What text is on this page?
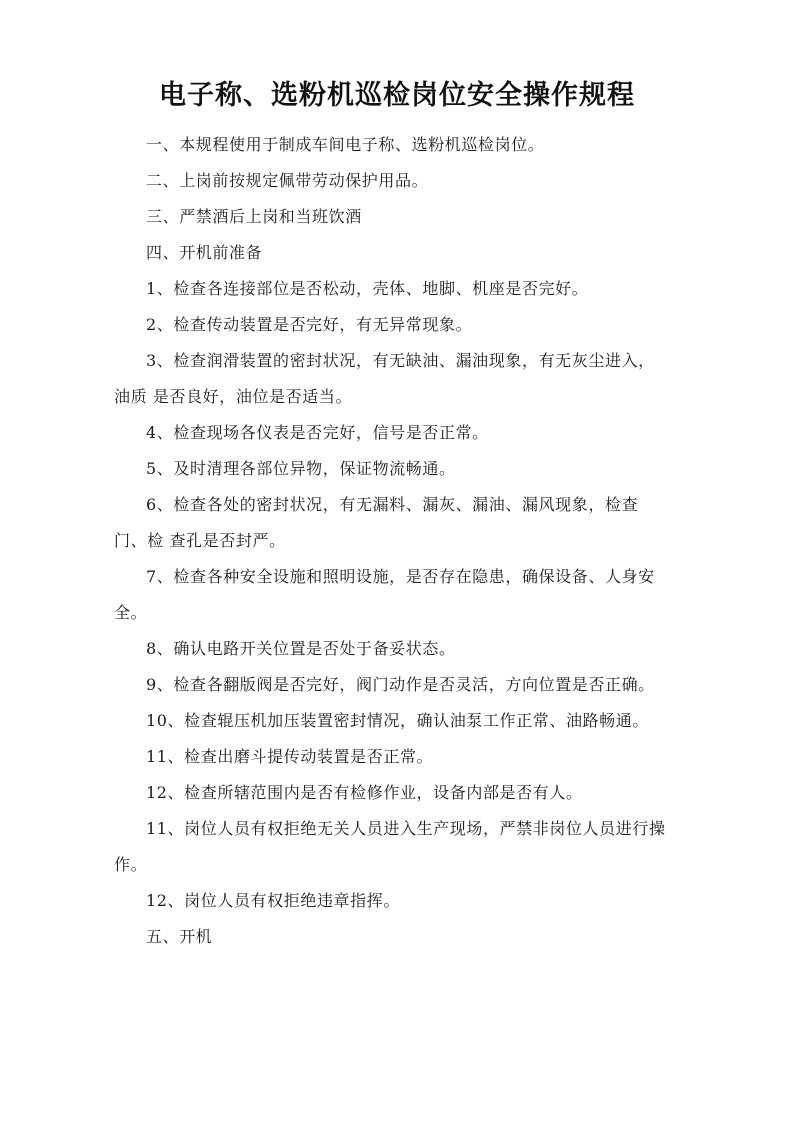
电子称、选粉机巡检岗位安全操作规程

一、本规程使用于制成车间电子称、选粉机巡检岗位。

二、上岗前按规定佩带劳动保护用品。

三、严禁酒后上岗和当班饮酒

四、开机前准备

1、检查各连接部位是否松动，壳体、地脚、机座是否完好。

2、检查传动装置是否完好，有无异常现象。

3、检查润滑装置的密封状况，有无缺油、漏油现象，有无灰尘进入，油质 是否良好，油位是否适当。

4、检查现场各仪表是否完好，信号是否正常。

5、及时清理各部位异物，保证物流畅通。

6、检查各处的密封状况，有无漏料、漏灰、漏油、漏风现象，检查门、检 查孔是否封严。

7、检查各种安全设施和照明设施，是否存在隐患，确保设备、人身安全。

8、确认电路开关位置是否处于备妥状态。

9、检查各翻版阀是否完好，阀门动作是否灵活，方向位置是否正确。

10、检查辊压机加压装置密封情况，确认油泵工作正常、油路畅通。

11、检查出磨斗提传动装置是否正常。

12、检查所辖范围内是否有检修作业，设备内部是否有人。

11、岗位人员有权拒绝无关人员进入生产现场，严禁非岗位人员进行操作。

12、岗位人员有权拒绝违章指挥。

五、开机
